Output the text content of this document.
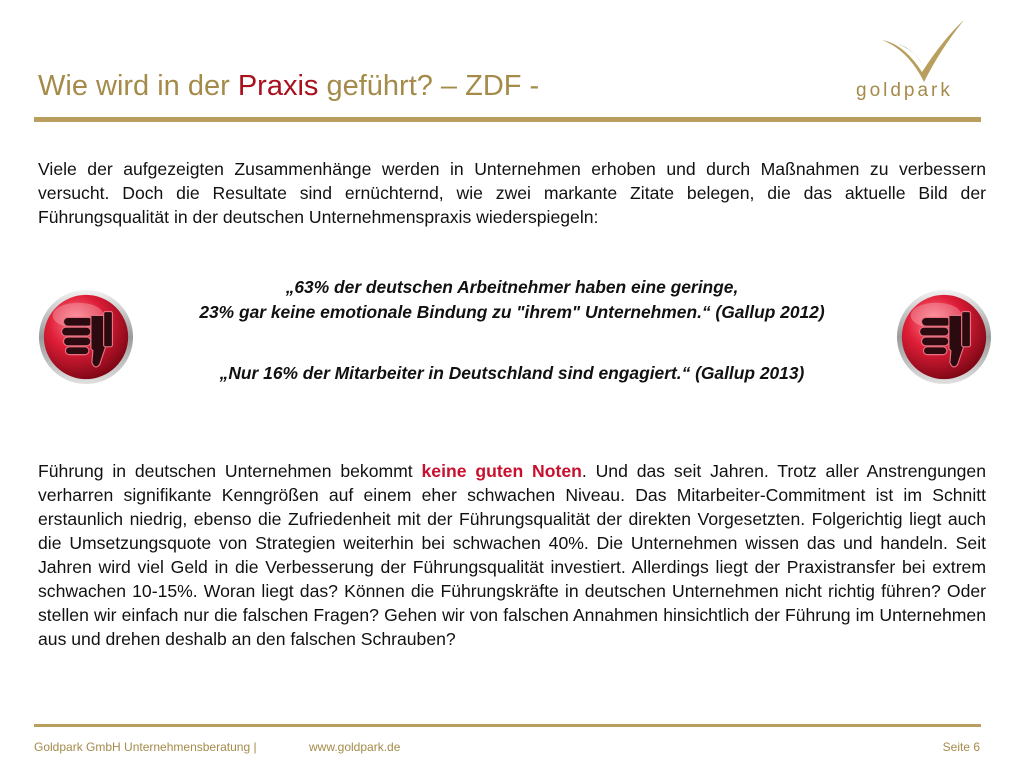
Wie wird in der Praxis geführt? – ZDF -	goldpark

Viele der aufgezeigten Zusammenhänge werden in Unternehmen erhoben und durch Maßnahmen zu verbessern versucht. Doch die Resultate sind ernüchternd, wie zwei markante Zitate belegen, die das aktuelle Bild der Führungsqualität in der deutschen Unternehmenspraxis wiederspiegeln:

„63% der deutschen Arbeitnehmer haben eine geringe,
23% gar keine emotionale Bindung zu "ihrem" Unternehmen.“ (Gallup 2012)

„Nur 16% der Mitarbeiter in Deutschland sind engagiert.“ (Gallup 2013)

Führung in deutschen Unternehmen bekommt keine guten Noten. Und das seit Jahren. Trotz aller Anstrengungen verharren signifikante Kenngrößen auf einem eher schwachen Niveau. Das Mitarbeiter-Commitment ist im Schnitt erstaunlich niedrig, ebenso die Zufriedenheit mit der Führungsqualität der direkten Vorgesetzten. Folgerichtig liegt auch die Umsetzungsquote von Strategien weiterhin bei schwachen 40%. Die Unternehmen wissen das und handeln. Seit Jahren wird viel Geld in die Verbesserung der Führungsqualität investiert. Allerdings liegt der Praxistransfer bei extrem schwachen 10-15%. Woran liegt das? Können die Führungskräfte in deutschen Unternehmen nicht richtig führen? Oder stellen wir einfach nur die falschen Fragen? Gehen wir von falschen Annahmen hinsichtlich der Führung im Unternehmen aus und drehen deshalb an den falschen Schrauben?

Goldpark GmbH Unternehmensberatung |	www.goldpark.de	Seite 6
